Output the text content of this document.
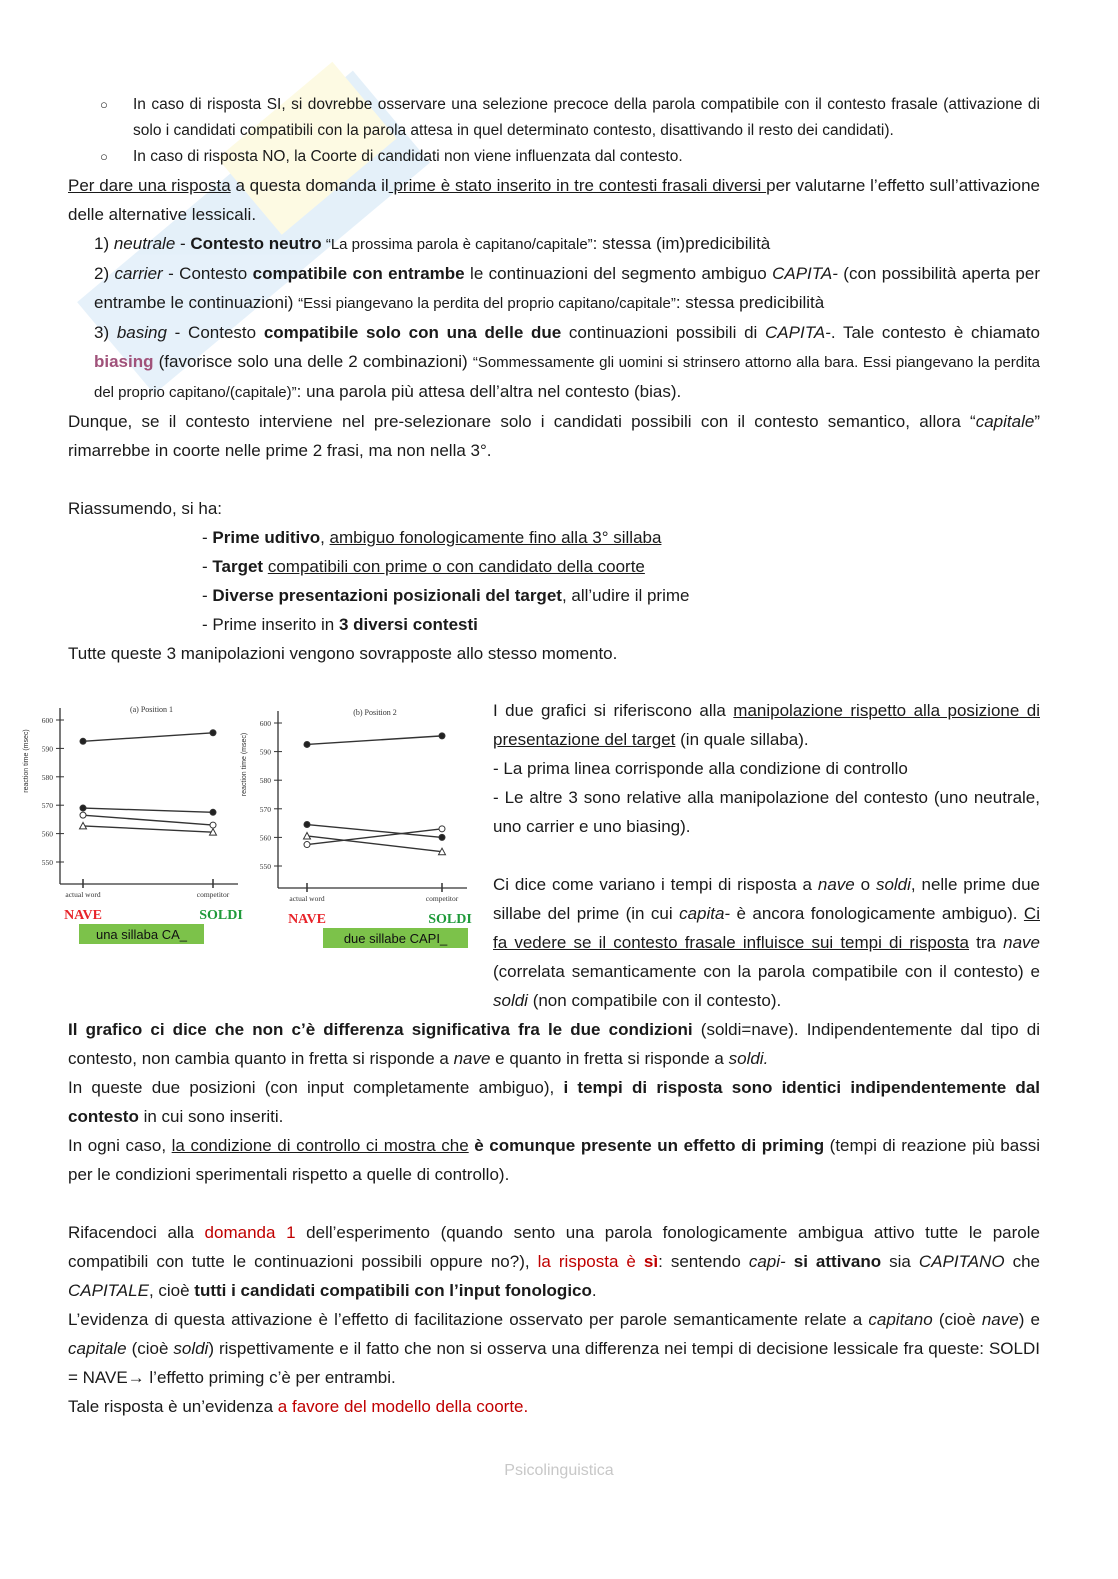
○ In caso di risposta SI, si dovrebbe osservare una selezione precoce della parola compatibile con il contesto frasale (attivazione di solo i candidati compatibili con la parola attesa in quel determinato contesto, disattivando il resto dei candidati).
○ In caso di risposta NO, la Coorte di candidati non viene influenzata dal contesto.
Per dare una risposta a questa domanda il prime è stato inserito in tre contesti frasali diversi per valutarne l’effetto sull’attivazione delle alternative lessicali.
1) neutrale - Contesto neutro “La prossima parola è capitano/capitale”: stessa (im)predicibilità
2) carrier - Contesto compatibile con entrambe le continuazioni del segmento ambiguo CAPITA- (con possibilità aperta per entrambe le continuazioni) “Essi piangevano la perdita del proprio capitano/capitale”: stessa predicibilità
3) basing - Contesto compatibile solo con una delle due continuazioni possibili di CAPITA-. Tale contesto è chiamato biasing (favorisce solo una delle 2 combinazioni) “Sommessamente gli uomini si strinsero attorno alla bara. Essi piangevano la perdita del proprio capitano/(capitale)”: una parola più attesa dell’altra nel contesto (bias).
Dunque, se il contesto interviene nel pre-selezionare solo i candidati possibili con il contesto semantico, allora “capitale” rimarrebbe in coorte nelle prime 2 frasi, ma non nella 3°.
Riassumendo, si ha:
- Prime uditivo, ambiguo fonologicamente fino alla 3° sillaba
- Target compatibili con prime o con candidato della coorte
- Diverse presentazioni posizionali del target, all’udire il prime
- Prime inserito in 3 diversi contesti
Tutte queste 3 manipolazioni vengono sovrapposte allo stesso momento.
(a) Position 1
reaction time (msec)
550
560
570
580
590
600
actual word	competitor
NAVE	SOLDI
una sillaba CA_
(b) Position 2
reaction time (msec)
550
560
570
580
590
600
actual word	competitor
NAVE	SOLDI
due sillabe CAPI_
I due grafici si riferiscono alla manipolazione rispetto alla posizione di presentazione del target (in quale sillaba).
- La prima linea corrisponde alla condizione di controllo
- Le altre 3 sono relative alla manipolazione del contesto (uno neutrale, uno carrier e uno biasing).
Ci dice come variano i tempi di risposta a nave o soldi, nelle prime due sillabe del prime (in cui capita- è ancora fonologicamente ambiguo). Ci fa vedere se il contesto frasale influisce sui tempi di risposta tra nave (correlata semanticamente con la parola compatibile con il contesto) e soldi (non compatibile con il contesto).
Il grafico ci dice che non c’è differenza significativa fra le due condizioni (soldi=nave). Indipendentemente dal tipo di contesto, non cambia quanto in fretta si risponde a nave e quanto in fretta si risponde a soldi.
In queste due posizioni (con input completamente ambiguo), i tempi di risposta sono identici indipendentemente dal contesto in cui sono inseriti.
In ogni caso, la condizione di controllo ci mostra che è comunque presente un effetto di priming (tempi di reazione più bassi per le condizioni sperimentali rispetto a quelle di controllo).
Rifacendoci alla domanda 1 dell’esperimento (quando sento una parola fonologicamente ambigua attivo tutte le parole compatibili con tutte le continuazioni possibili oppure no?), la risposta è sì: sentendo capi- si attivano sia CAPITANO che CAPITALE, cioè tutti i candidati compatibili con l’input fonologico.
L’evidenza di questa attivazione è l’effetto di facilitazione osservato per parole semanticamente relate a capitano (cioè nave) e capitale (cioè soldi) rispettivamente e il fatto che non si osserva una differenza nei tempi di decisione lessicale fra queste: SOLDI = NAVE→ l’effetto priming c’è per entrambi.
Tale risposta è un’evidenza a favore del modello della coorte.
Psicolinguistica
